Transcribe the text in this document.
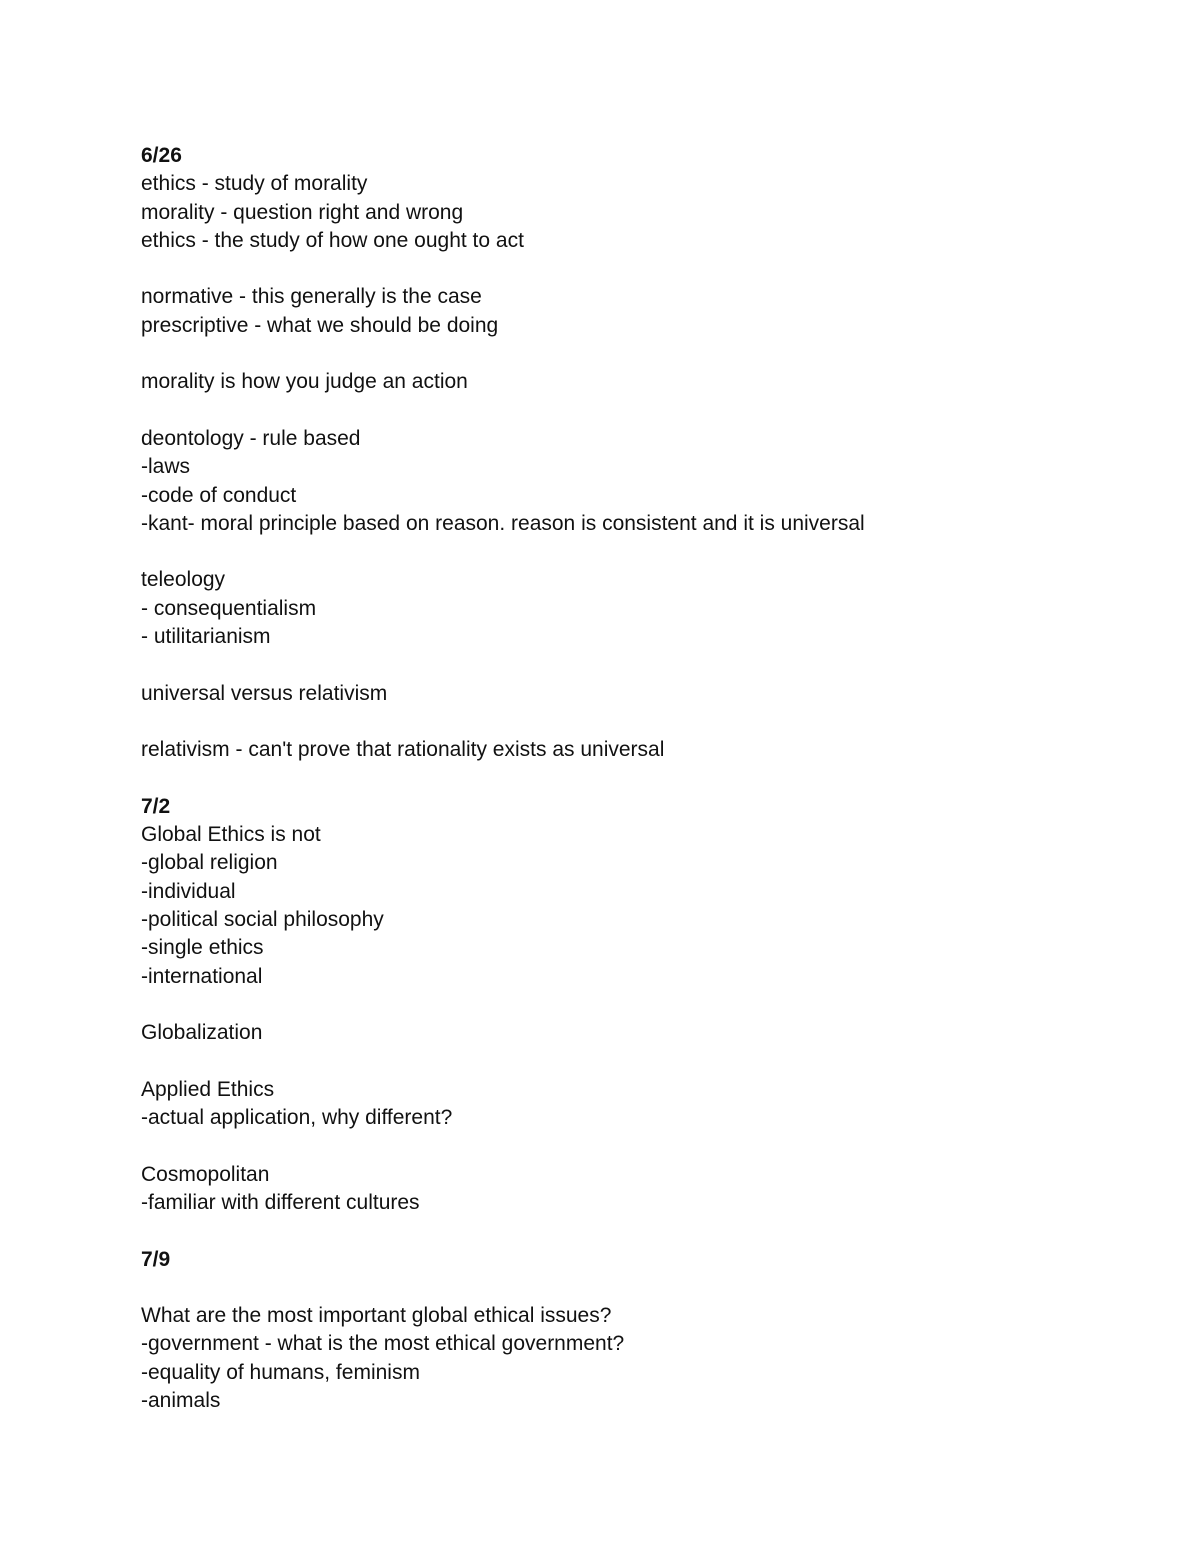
6/26
ethics - study of morality
morality - question right and wrong
ethics - the study of how one ought to act
normative - this generally is the case
prescriptive - what we should be doing
morality is how you judge an action
deontology - rule based
-laws
-code of conduct
-kant- moral principle based on reason. reason is consistent and it is universal
teleology
- consequentialism
- utilitarianism
universal versus relativism
relativism - can't prove that rationality exists as universal
7/2
Global Ethics is not
-global religion
-individual
-political social philosophy
-single ethics
-international
Globalization
Applied Ethics
-actual application, why different?
Cosmopolitan
-familiar with different cultures
7/9
What are the most important global ethical issues?
-government - what is the most ethical government?
-equality of humans, feminism
-animals
